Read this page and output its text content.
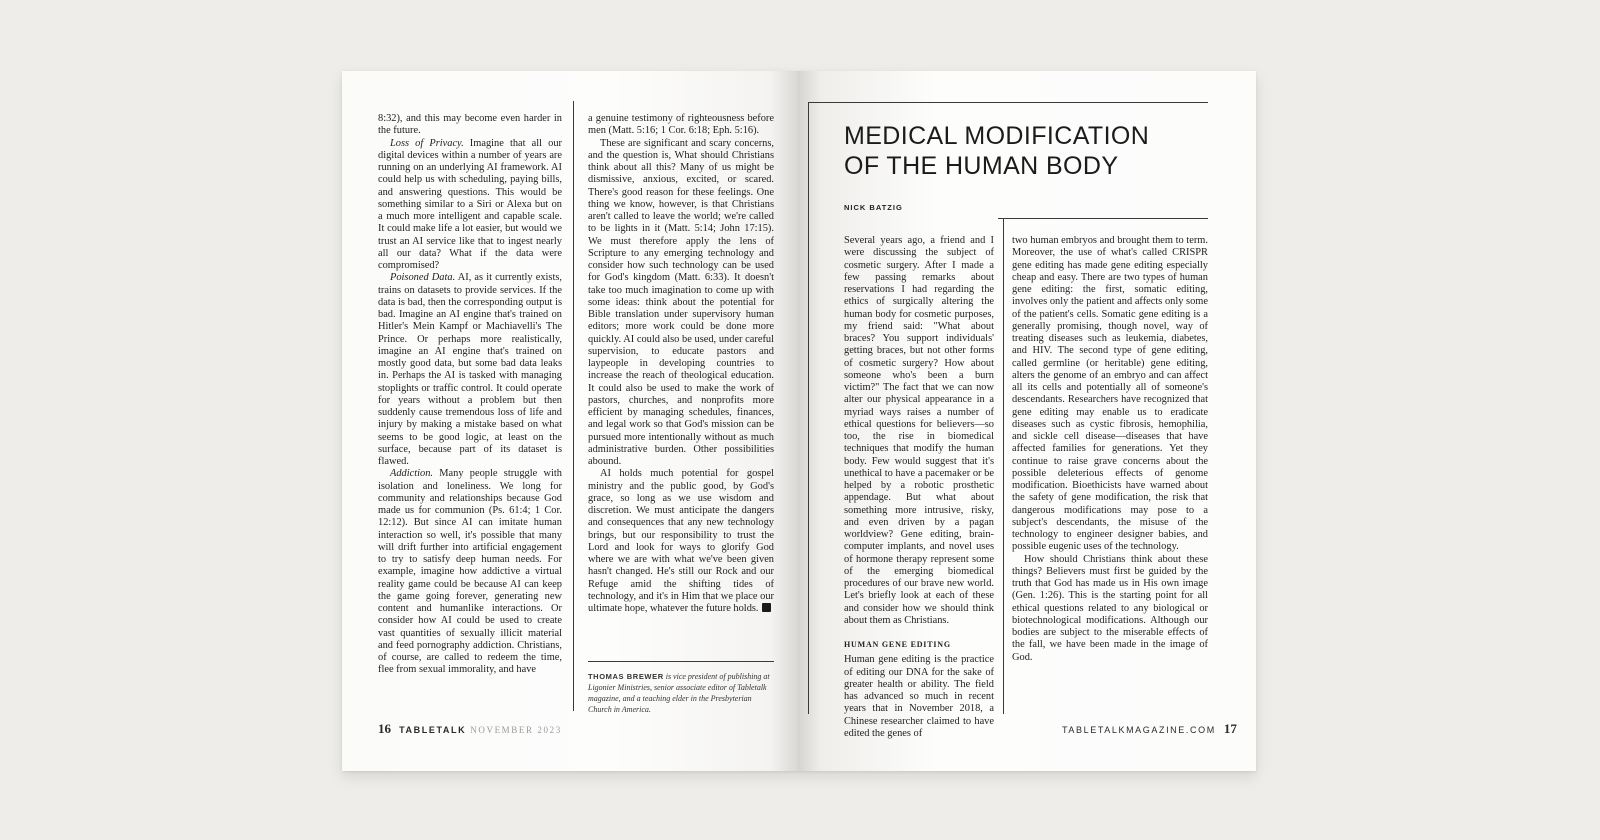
8:32), and this may become even harder in the future.

Loss of Privacy. Imagine that all our digital devices within a number of years are running on an underlying AI framework. AI could help us with scheduling, paying bills, and answering questions. This would be something similar to a Siri or Alexa but on a much more intelligent and capable scale. It could make life a lot easier, but would we trust an AI service like that to ingest nearly all our data? What if the data were compromised?

Poisoned Data. AI, as it currently exists, trains on datasets to provide services. If the data is bad, then the corresponding output is bad. Imagine an AI engine that's trained on Hitler's Mein Kampf or Machiavelli's The Prince. Or perhaps more realistically, imagine an AI engine that's trained on mostly good data, but some bad data leaks in. Perhaps the AI is tasked with managing stoplights or traffic control. It could operate for years without a problem but then suddenly cause tremendous loss of life and injury by making a mistake based on what seems to be good logic, at least on the surface, because part of its dataset is flawed.

Addiction. Many people struggle with isolation and loneliness. We long for community and relationships because God made us for communion (Ps. 61:4; 1 Cor. 12:12). But since AI can imitate human interaction so well, it's possible that many will drift further into artificial engagement to try to satisfy deep human needs. For example, imagine how addictive a virtual reality game could be because AI can keep the game going forever, generating new content and humanlike interactions. Or consider how AI could be used to create vast quantities of sexually illicit material and feed pornography addiction. Christians, of course, are called to redeem the time, flee from sexual immorality, and have

a genuine testimony of righteousness before men (Matt. 5:16; 1 Cor. 6:18; Eph. 5:16).

These are significant and scary concerns, and the question is, What should Christians think about all this? Many of us might be dismissive, anxious, excited, or scared. There's good reason for these feelings. One thing we know, however, is that Christians aren't called to leave the world; we're called to be lights in it (Matt. 5:14; John 17:15). We must therefore apply the lens of Scripture to any emerging technology and consider how such technology can be used for God's kingdom (Matt. 6:33). It doesn't take too much imagination to come up with some ideas: think about the potential for Bible translation under supervisory human editors; more work could be done more quickly. AI could also be used, under careful supervision, to educate pastors and laypeople in developing countries to increase the reach of theological education. It could also be used to make the work of pastors, churches, and nonprofits more efficient by managing schedules, finances, and legal work so that God's mission can be pursued more intentionally without as much administrative burden. Other possibilities abound.

AI holds much potential for gospel ministry and the public good, by God's grace, so long as we use wisdom and discretion. We must anticipate the dangers and consequences that any new technology brings, but our responsibility to trust the Lord and look for ways to glorify God where we are with what we've been given hasn't changed. He's still our Rock and our Refuge amid the shifting tides of technology, and it's in Him that we place our ultimate hope, whatever the future holds.

THOMAS BREWER is vice president of publishing at Ligonier Ministries, senior associate editor of Tabletalk magazine, and a teaching elder in the Presbyterian Church in America.
16 TABLETALK NOVEMBER 2023
MEDICAL MODIFICATION
OF THE HUMAN BODY
NICK BATZIG

Several years ago, a friend and I were discussing the subject of cosmetic surgery. After I made a few passing remarks about reservations I had regarding the ethics of surgically altering the human body for cosmetic purposes, my friend said: "What about braces? You support individuals' getting braces, but not other forms of cosmetic surgery? How about someone who's been a burn victim?" The fact that we can now alter our physical appearance in a myriad ways raises a number of ethical questions for believers—so too, the rise in biomedical techniques that modify the human body. Few would suggest that it's unethical to have a pacemaker or be helped by a robotic prosthetic appendage. But what about something more intrusive, risky, and even driven by a pagan worldview? Gene editing, brain-computer implants, and novel uses of hormone therapy represent some of the emerging biomedical procedures of our brave new world. Let's briefly look at each of these and consider how we should think about them as Christians.

HUMAN GENE EDITING

Human gene editing is the practice of editing our DNA for the sake of greater health or ability. The field has advanced so much in recent years that in November 2018, a Chinese researcher claimed to have edited the genes of

two human embryos and brought them to term. Moreover, the use of what's called CRISPR gene editing has made gene editing especially cheap and easy. There are two types of human gene editing: the first, somatic editing, involves only the patient and affects only some of the patient's cells. Somatic gene editing is a generally promising, though novel, way of treating diseases such as leukemia, diabetes, and HIV. The second type of gene editing, called germline (or heritable) gene editing, alters the genome of an embryo and can affect all its cells and potentially all of someone's descendants. Researchers have recognized that gene editing may enable us to eradicate diseases such as cystic fibrosis, hemophilia, and sickle cell disease—diseases that have affected families for generations. Yet they continue to raise grave concerns about the possible deleterious effects of genome modification. Bioethicists have warned about the safety of gene modification, the risk that dangerous modifications may pose to a subject's descendants, the misuse of the technology to engineer designer babies, and possible eugenic uses of the technology.

How should Christians think about these things? Believers must first be guided by the truth that God has made us in His own image (Gen. 1:26). This is the starting point for all ethical questions related to any biological or biotechnological modifications. Although our bodies are subject to the miserable effects of the fall, we have been made in the image of God.

TABLETALKMAGAZINE.COM 17
